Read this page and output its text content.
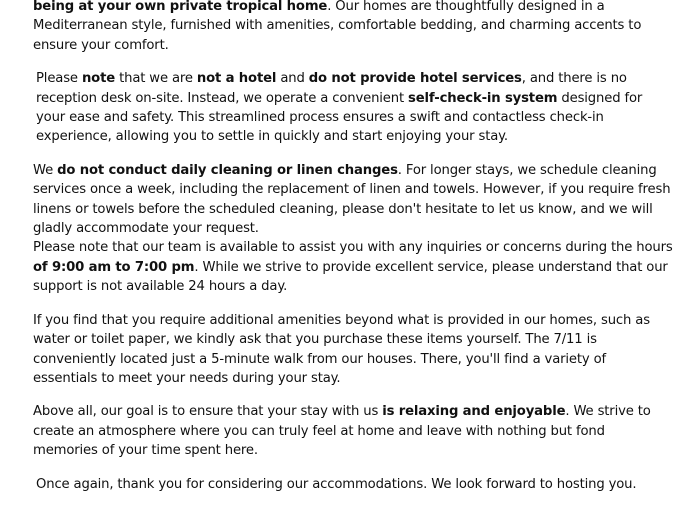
being at your own private tropical home. Our homes are thoughtfully designed in a Mediterranean style, furnished with amenities, comfortable bedding, and charming accents to ensure your comfort.

Please note that we are not a hotel and do not provide hotel services, and there is no reception desk on-site. Instead, we operate a convenient self-check-in system designed for your ease and safety. This streamlined process ensures a swift and contactless check-in experience, allowing you to settle in quickly and start enjoying your stay.

We do not conduct daily cleaning or linen changes. For longer stays, we schedule cleaning services once a week, including the replacement of linen and towels. However, if you require fresh linens or towels before the scheduled cleaning, please don't hesitate to let us know, and we will gladly accommodate your request.

Please note that our team is available to assist you with any inquiries or concerns during the hours of 9:00 am to 7:00 pm. While we strive to provide excellent service, please understand that our support is not available 24 hours a day.

If you find that you require additional amenities beyond what is provided in our homes, such as water or toilet paper, we kindly ask that you purchase these items yourself. The 7/11 is conveniently located just a 5-minute walk from our houses. There, you'll find a variety of essentials to meet your needs during your stay.

Above all, our goal is to ensure that your stay with us is relaxing and enjoyable. We strive to create an atmosphere where you can truly feel at home and leave with nothing but fond memories of your time spent here.

Once again, thank you for considering our accommodations. We look forward to hosting you.
